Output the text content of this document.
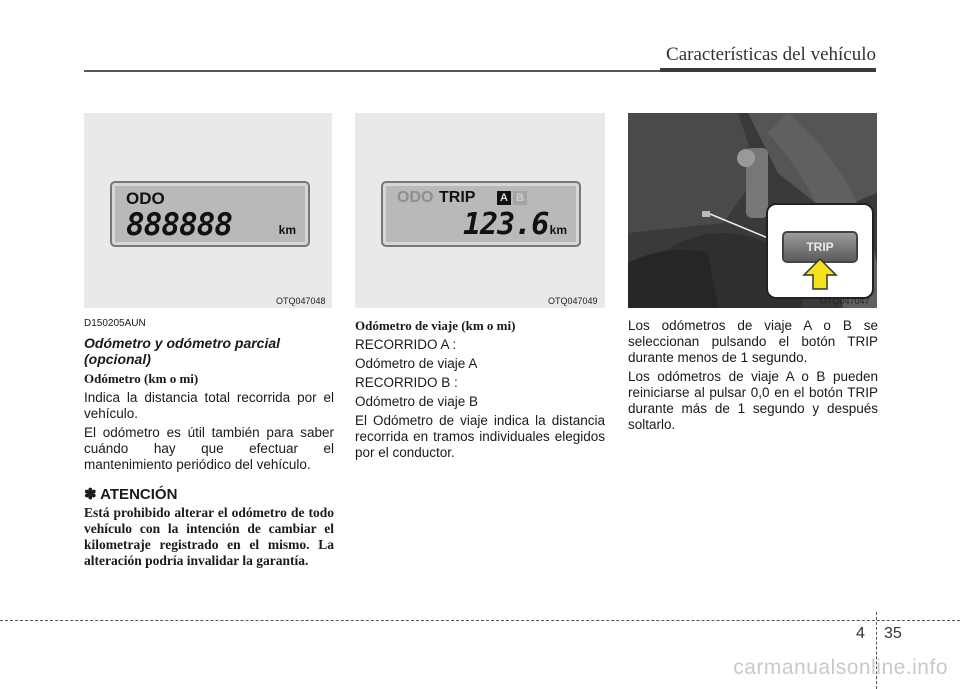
Características del vehículo
ODO
888888	km
OTQ047048
ODO TRIP A B
123.6 km
OTQ047049
TRIP
OTQ047047

D150205AUN

Odómetro y odómetro parcial (opcional)

Odómetro (km o mi)

Indica la distancia total recorrida por el vehículo.

El odómetro es útil también para saber cuándo hay que efectuar el mantenimiento periódico del vehículo.

✽ ATENCIÓN

Está prohibido alterar el odómetro de todo vehículo con la intención de cambiar el kilometraje registrado en el mismo. La alteración podría invalidar la garantía.

Odómetro de viaje (km o mi)

RECORRIDO A :

Odómetro de viaje A

RECORRIDO B :

Odómetro de viaje B

El Odómetro de viaje indica la distancia recorrida en tramos individuales elegidos por el conductor.

Los odómetros de viaje A o B se seleccionan pulsando el botón TRIP durante menos de 1 segundo.

Los odómetros de viaje A o B pueden reiniciarse al pulsar 0,0 en el botón TRIP durante más de 1 segundo y después soltarlo.

4 35
carmanualsonline.info
